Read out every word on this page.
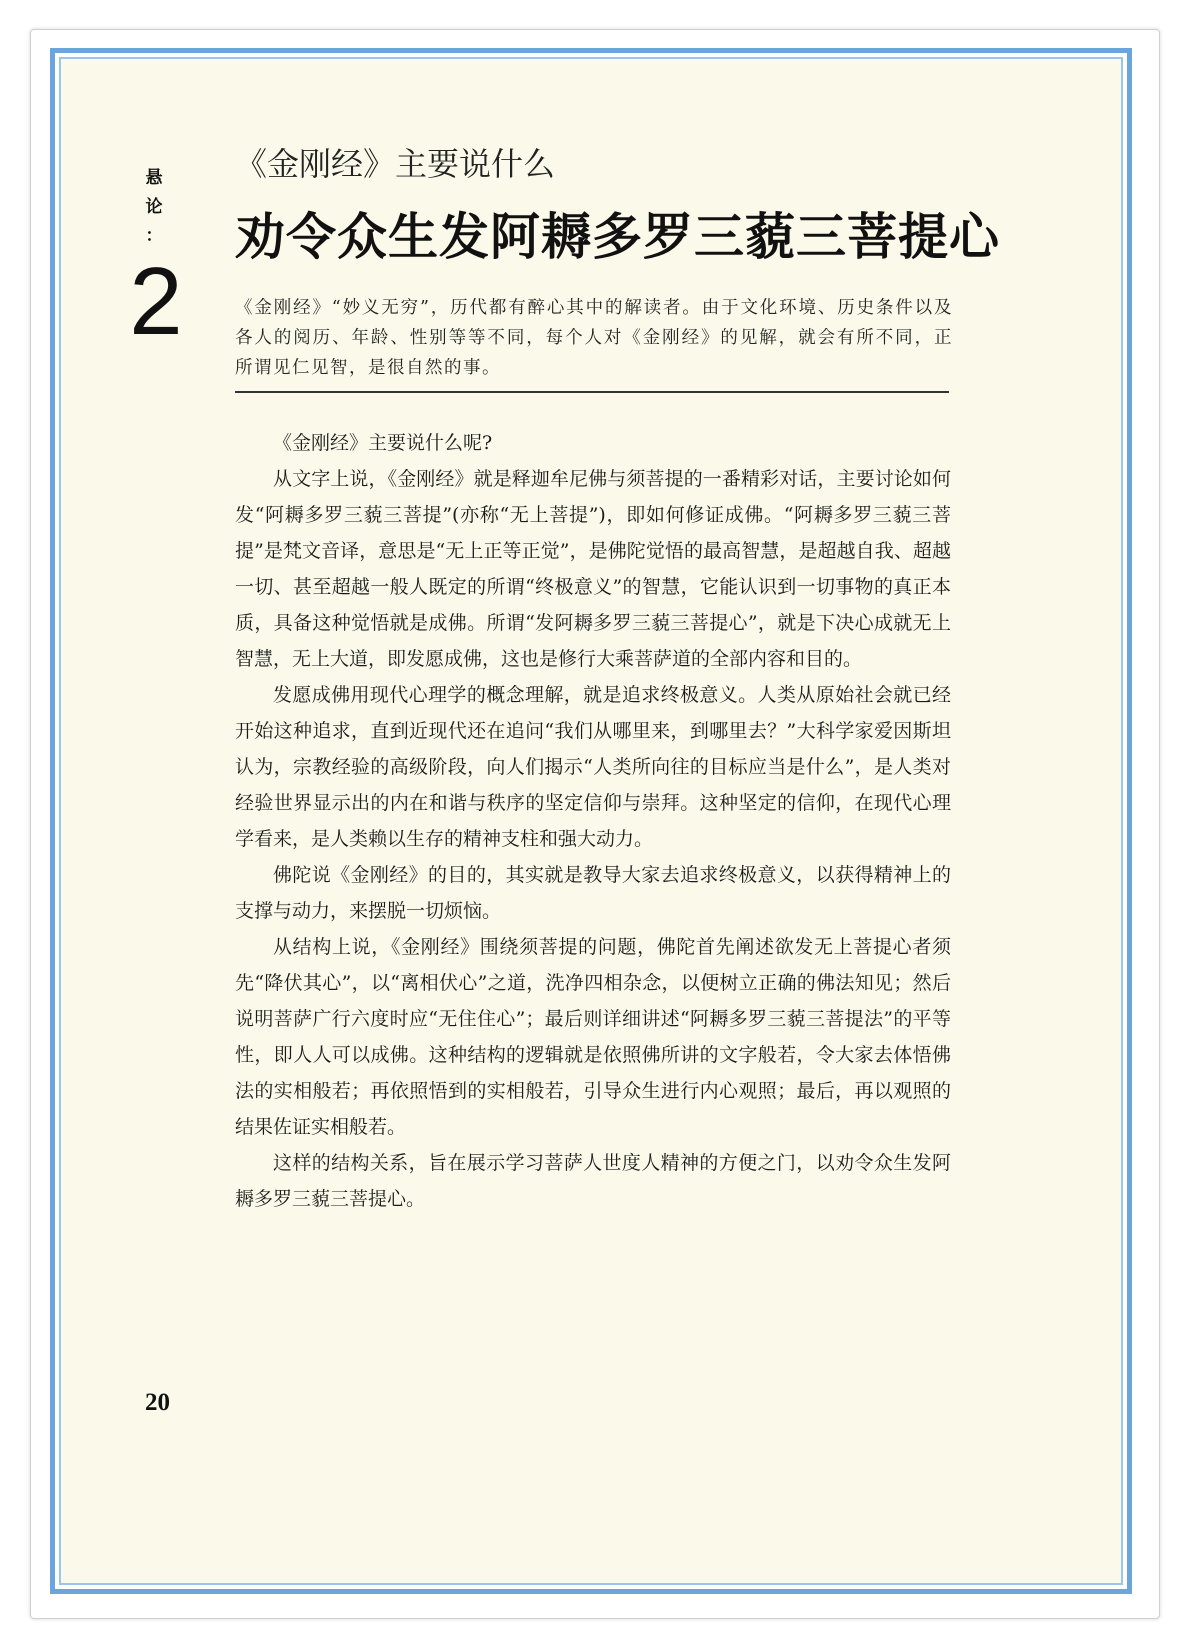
悬
论
：
2
《金刚经》主要说什么
劝令众生发阿耨多罗三藐三菩提心
《金刚经》“妙义无穷”，历代都有醉心其中的解读者。由于文化环境、历史条件以及各人的阅历、年龄、性别等等不同，每个人对《金刚经》的见解，就会有所不同，正所谓见仁见智，是很自然的事。

《金刚经》主要说什么呢?

从文字上说，《金刚经》就是释迦牟尼佛与须菩提的一番精彩对话，主要讨论如何发“阿耨多罗三藐三菩提”(亦称“无上菩提”)，即如何修证成佛。“阿耨多罗三藐三菩提”是梵文音译，意思是“无上正等正觉”，是佛陀觉悟的最高智慧，是超越自我、超越一切、甚至超越一般人既定的所谓“终极意义”的智慧，它能认识到一切事物的真正本质，具备这种觉悟就是成佛。所谓“发阿耨多罗三藐三菩提心”，就是下决心成就无上智慧，无上大道，即发愿成佛，这也是修行大乘菩萨道的全部内容和目的。

发愿成佛用现代心理学的概念理解，就是追求终极意义。人类从原始社会就已经开始这种追求，直到近现代还在追问“我们从哪里来，到哪里去？”大科学家爱因斯坦认为，宗教经验的高级阶段，向人们揭示“人类所向往的目标应当是什么”，是人类对经验世界显示出的内在和谐与秩序的坚定信仰与崇拜。这种坚定的信仰，在现代心理学看来，是人类赖以生存的精神支柱和强大动力。

佛陀说《金刚经》的目的，其实就是教导大家去追求终极意义，以获得精神上的支撑与动力，来摆脱一切烦恼。

从结构上说，《金刚经》围绕须菩提的问题，佛陀首先阐述欲发无上菩提心者须先“降伏其心”，以“离相伏心”之道，洗净四相杂念，以便树立正确的佛法知见；然后说明菩萨广行六度时应“无住住心”；最后则详细讲述“阿耨多罗三藐三菩提法”的平等性，即人人可以成佛。这种结构的逻辑就是依照佛所讲的文字般若，令大家去体悟佛法的实相般若；再依照悟到的实相般若，引导众生进行内心观照；最后，再以观照的结果佐证实相般若。

这样的结构关系，旨在展示学习菩萨人世度人精神的方便之门，以劝令众生发阿耨多罗三藐三菩提心。

20
